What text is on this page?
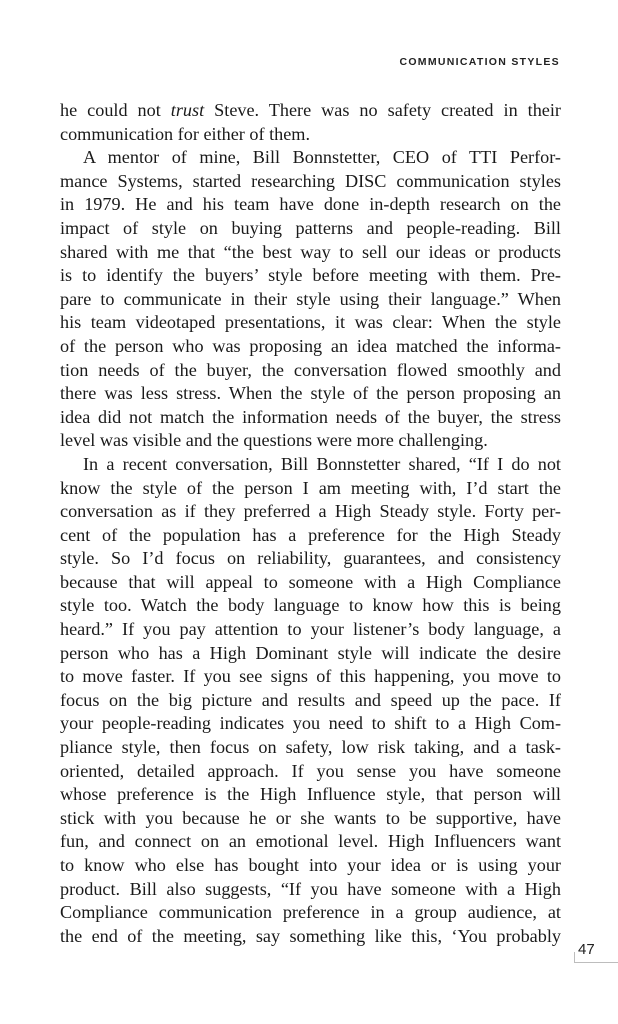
COMMUNICATION STYLES
he could not trust Steve. There was no safety created in their
communication for either of them.
A mentor of mine, Bill Bonnstetter, CEO of TTI Perfor-
mance Systems, started researching DISC communication styles
in 1979. He and his team have done in-depth research on the
impact of style on buying patterns and people-reading. Bill
shared with me that “the best way to sell our ideas or products
is to identify the buyers’ style before meeting with them. Pre-
pare to communicate in their style using their language.” When
his team videotaped presentations, it was clear: When the style
of the person who was proposing an idea matched the informa-
tion needs of the buyer, the conversation flowed smoothly and
there was less stress. When the style of the person proposing an
idea did not match the information needs of the buyer, the stress
level was visible and the questions were more challenging.
In a recent conversation, Bill Bonnstetter shared, “If I do not
know the style of the person I am meeting with, I’d start the
conversation as if they preferred a High Steady style. Forty per-
cent of the population has a preference for the High Steady
style. So I’d focus on reliability, guarantees, and consistency
because that will appeal to someone with a High Compliance
style too. Watch the body language to know how this is being
heard.” If you pay attention to your listener’s body language, a
person who has a High Dominant style will indicate the desire
to move faster. If you see signs of this happening, you move to
focus on the big picture and results and speed up the pace. If
your people-reading indicates you need to shift to a High Com-
pliance style, then focus on safety, low risk taking, and a task-
oriented, detailed approach. If you sense you have someone
whose preference is the High Influence style, that person will
stick with you because he or she wants to be supportive, have
fun, and connect on an emotional level. High Influencers want
to know who else has bought into your idea or is using your
product. Bill also suggests, “If you have someone with a High
Compliance communication preference in a group audience, at
the end of the meeting, say something like this, ‘You probably
47
